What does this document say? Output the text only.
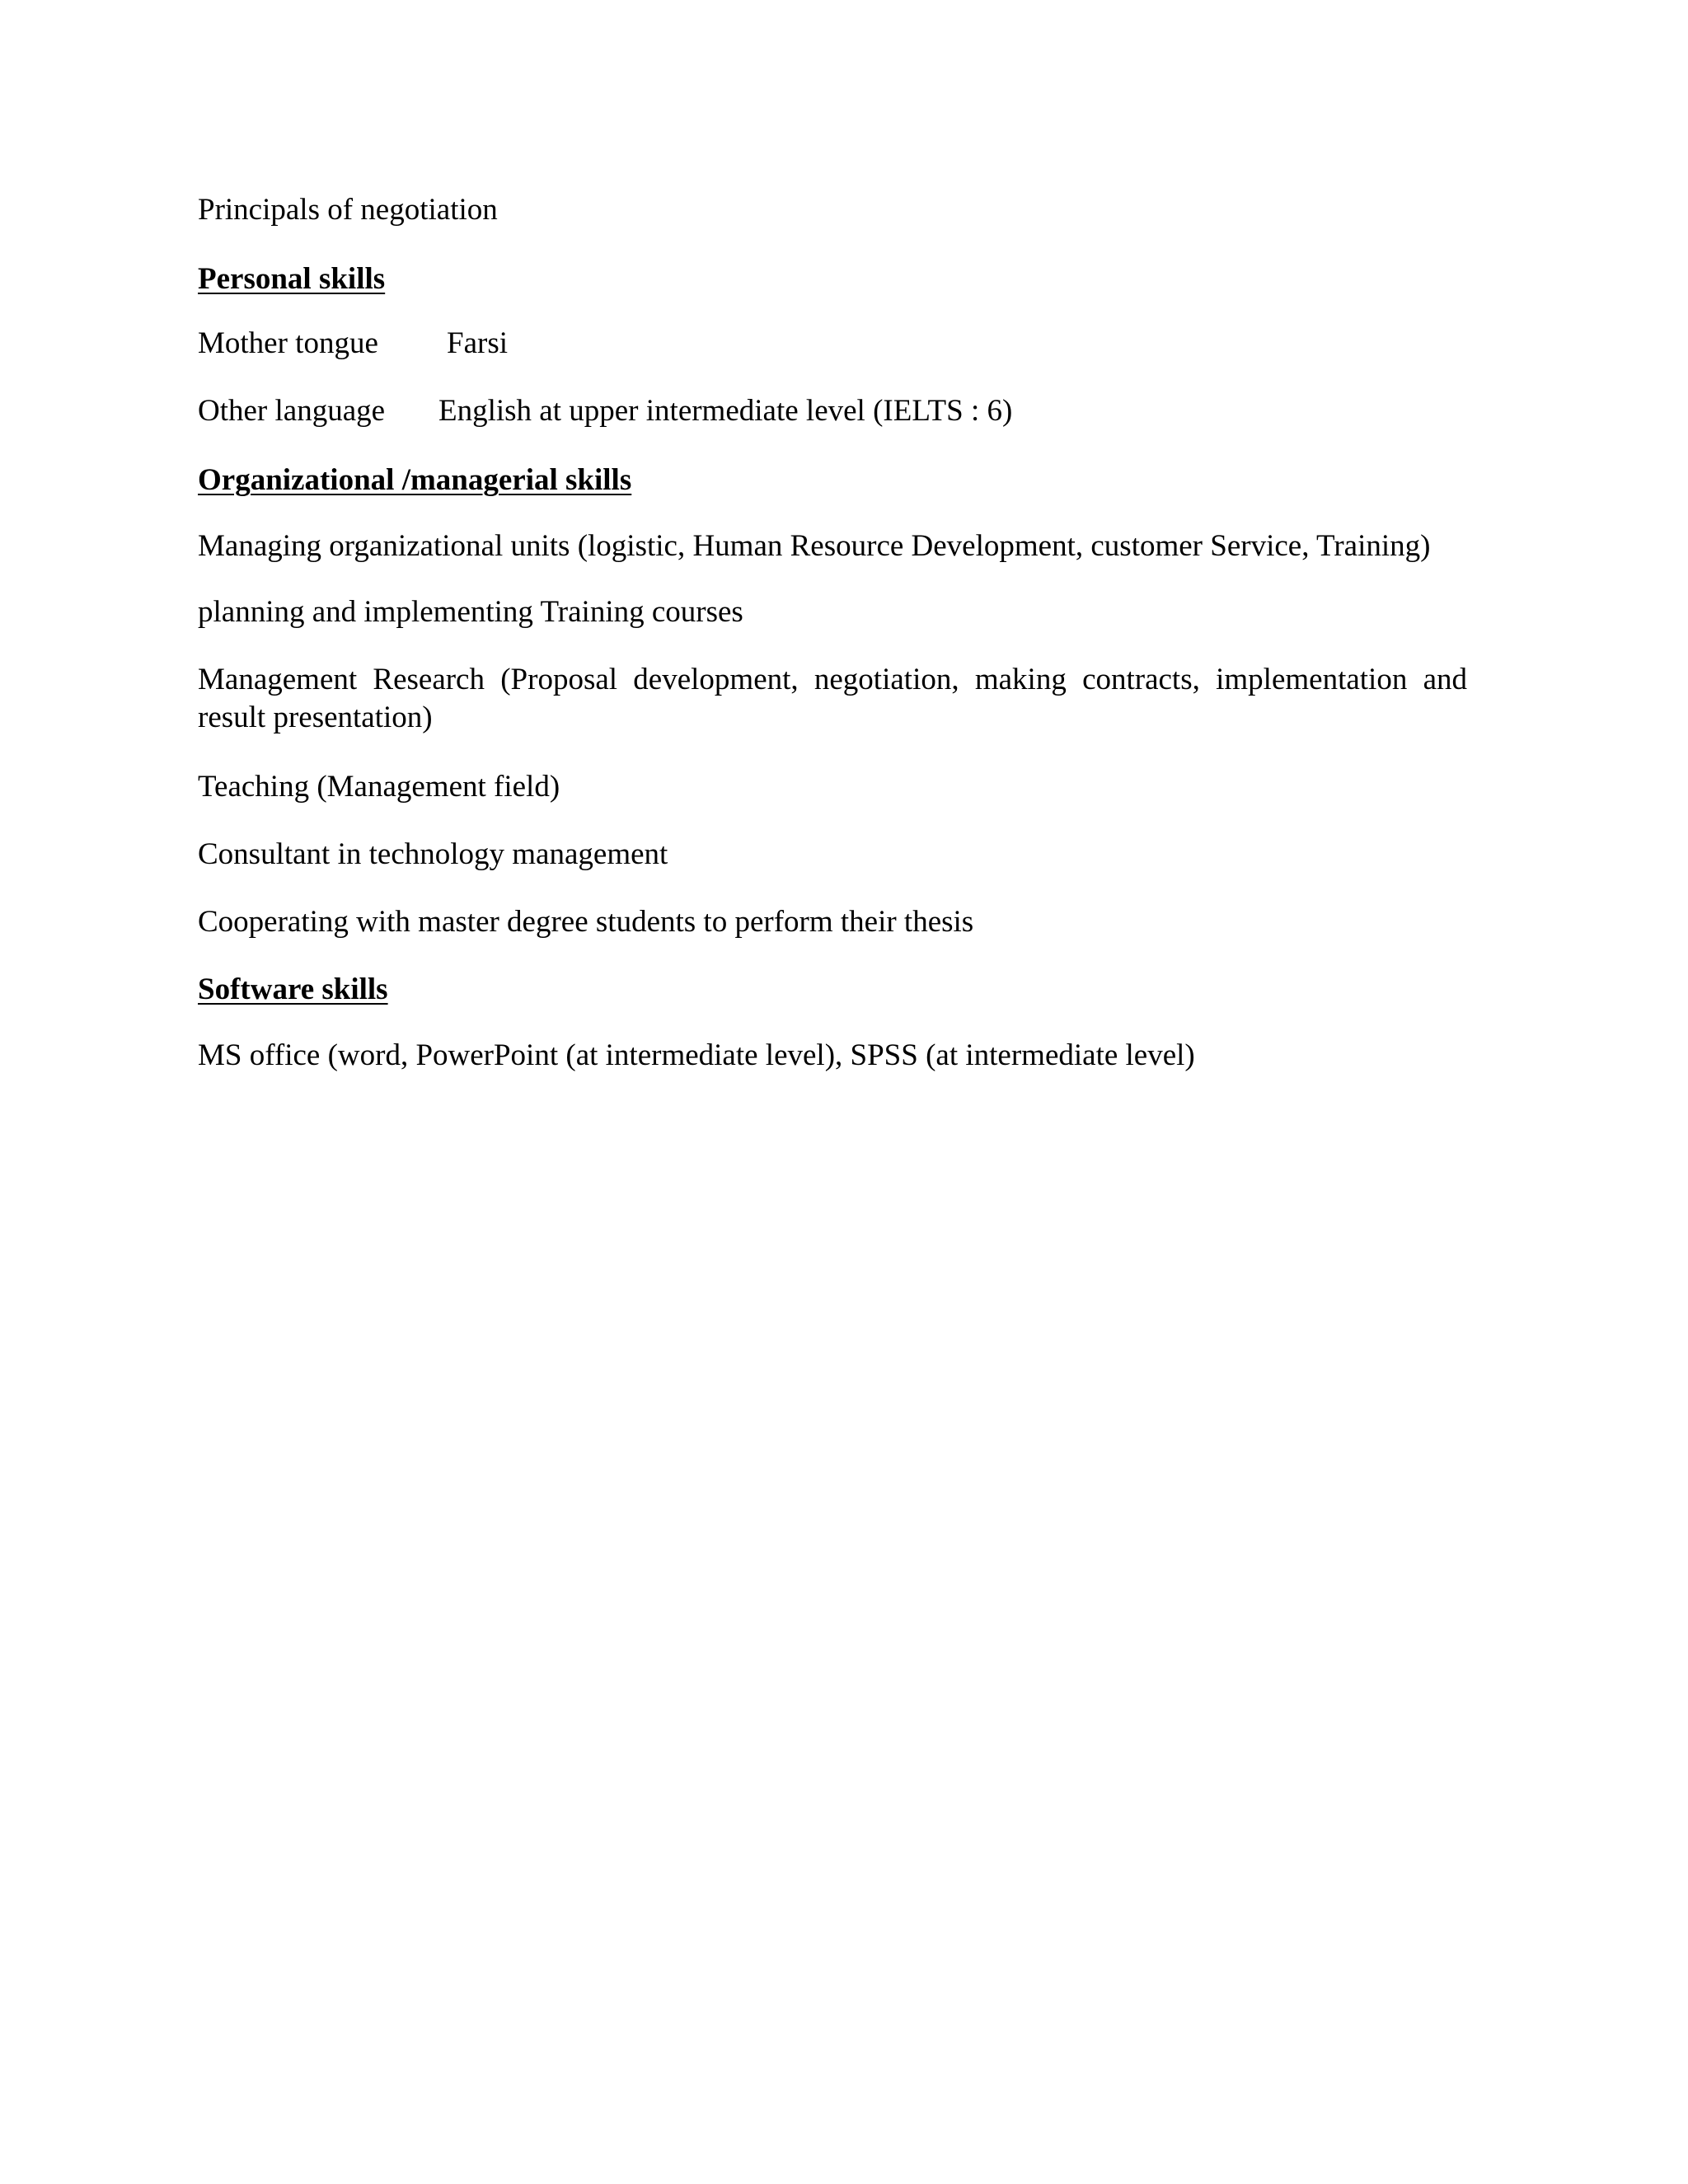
Principals of negotiation

Personal skills

Mother tongue Farsi

Other language English at upper intermediate level (IELTS : 6)

Organizational /managerial skills

Managing organizational units (logistic, Human Resource Development, customer Service, Training)

planning and implementing Training courses

Management Research (Proposal development, negotiation, making contracts, implementation and result presentation)

Teaching (Management field)

Consultant in technology management

Cooperating with master degree students to perform their thesis

Software skills

MS office (word, PowerPoint (at intermediate level), SPSS (at intermediate level)
